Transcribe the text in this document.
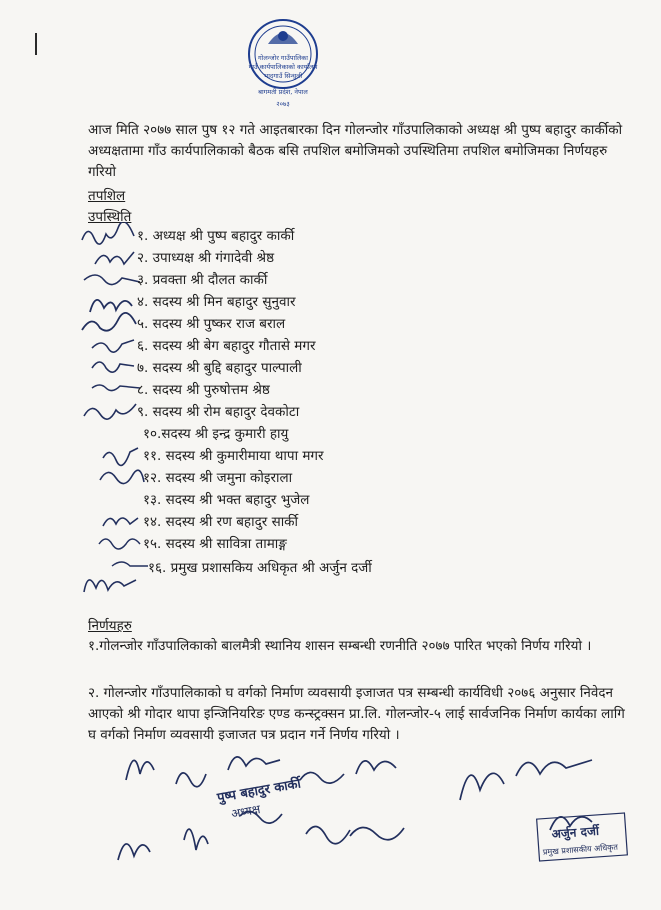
गोलन्जोर गाउँपालिका
गाउँ कार्यपालिकाको कार्यालय
भादगाउँ सिन्धुली
बागमती प्रदेश, नेपाल
२०७३

आज मिति २०७७ साल पुष १२ गते आइतबारका दिन गोलन्जोर गाँउपालिकाको अध्यक्ष श्री पुष्प बहादुर कार्कीको अध्यक्षतामा गाँउ कार्यपालिकाको बैठक बसि तपशिल बमोजिमको उपस्थितिमा तपशिल बमोजिमका निर्णयहरु गरियो

तपशिल

उपस्थिति

१. अध्यक्ष श्री पुष्प बहादुर कार्की
२. उपाध्यक्ष श्री गंगादेवी श्रेष्ठ
३. प्रवक्ता श्री दौलत कार्की
४. सदस्य श्री मिन बहादुर सुनुवार
५. सदस्य श्री पुष्कर राज बराल
६. सदस्य श्री बेग बहादुर गौतासे मगर
७. सदस्य श्री बुद्दि बहादुर पाल्पाली
८. सदस्य श्री पुरुषोत्तम श्रेष्ठ
९. सदस्य श्री रोम बहादुर देवकोटा
१०.सदस्य श्री इन्द्र कुमारी हायु
११. सदस्य श्री कुमारीमाया थापा मगर
१२. सदस्य श्री जमुना कोइराला
१३. सदस्य श्री भक्त बहादुर भुजेल
१४. सदस्य श्री रण बहादुर सार्की
१५. सदस्य श्री सावित्रा तामाङ्ग
१६. प्रमुख प्रशासकिय अधिकृत श्री अर्जुन दर्जी

निर्णयहरु

१.गोलन्जोर गाँउपालिकाको बालमैत्री स्थानिय शासन सम्बन्धी रणनीति २०७७ पारित भएको निर्णय गरियो ।

२. गोलन्जोर गाँउपालिकाको घ वर्गको निर्माण व्यवसायी इजाजत पत्र सम्बन्धी कार्यविधी २०७६ अनुसार निवेदन आएको श्री गोदार थापा इन्जिनियरिङ एण्ड कन्स्ट्रक्सन प्रा.लि. गोलन्जोर-५ लाई सार्वजनिक निर्माण कार्यका लागि घ वर्गको निर्माण व्यवसायी इजाजत पत्र प्रदान गर्ने निर्णय गरियो ।

पुष्प बहादुर कार्की
अध्यक्ष
अर्जुन दर्जी
प्रमुख प्रशासकीय अधिकृत
